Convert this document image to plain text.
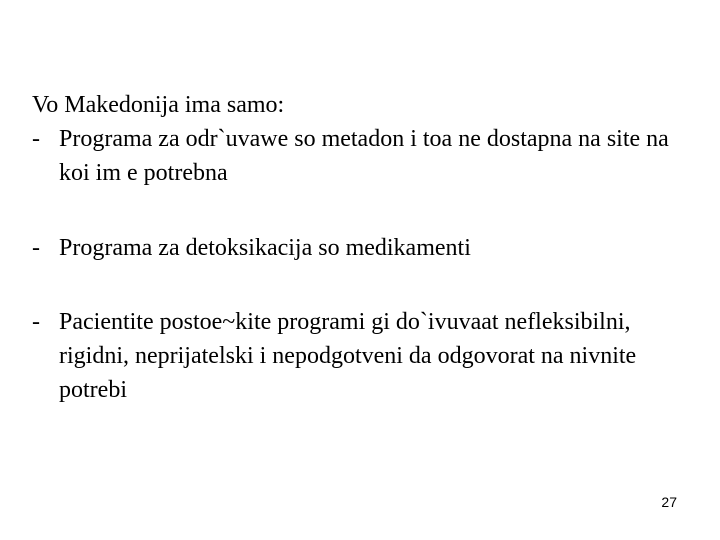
Vo Makedonija ima samo:

- Programa za odr`uvawe so metadon i toa ne dostapna na site na koi im e potrebna

- Programa za detoksikacija so medikamenti

- Pacientite postoe~kite programi gi do`ivuvaat nefleksibilni, rigidni, neprijatelski i nepodgotveni da odgovorat na nivnite potrebi

27
